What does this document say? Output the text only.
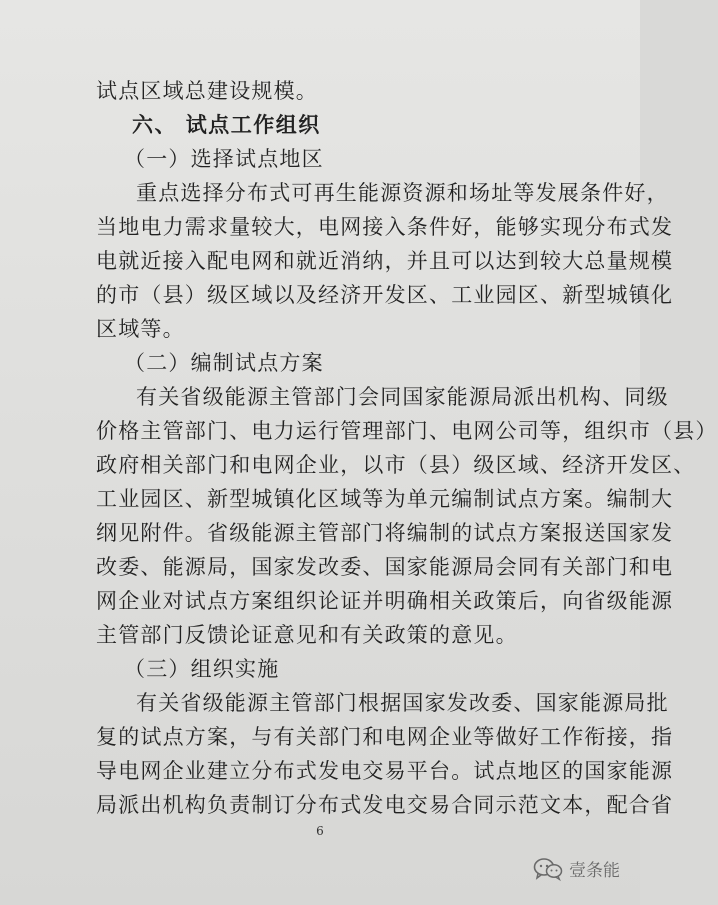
试点区域总建设规模。
六、 试点工作组织
（一）选择试点地区
重点选择分布式可再生能源资源和场址等发展条件好，
当地电力需求量较大，电网接入条件好，能够实现分布式发
电就近接入配电网和就近消纳，并且可以达到较大总量规模
的市（县）级区域以及经济开发区、工业园区、新型城镇化
区域等。
（二）编制试点方案
有关省级能源主管部门会同国家能源局派出机构、同级
价格主管部门、电力运行管理部门、电网公司等，组织市（县）
政府相关部门和电网企业，以市（县）级区域、经济开发区、
工业园区、新型城镇化区域等为单元编制试点方案。编制大
纲见附件。省级能源主管部门将编制的试点方案报送国家发
改委、能源局，国家发改委、国家能源局会同有关部门和电
网企业对试点方案组织论证并明确相关政策后，向省级能源
主管部门反馈论证意见和有关政策的意见。
（三）组织实施
有关省级能源主管部门根据国家发改委、国家能源局批
复的试点方案，与有关部门和电网企业等做好工作衔接，指
导电网企业建立分布式发电交易平台。试点地区的国家能源
局派出机构负责制订分布式发电交易合同示范文本，配合省
6
壹条能
